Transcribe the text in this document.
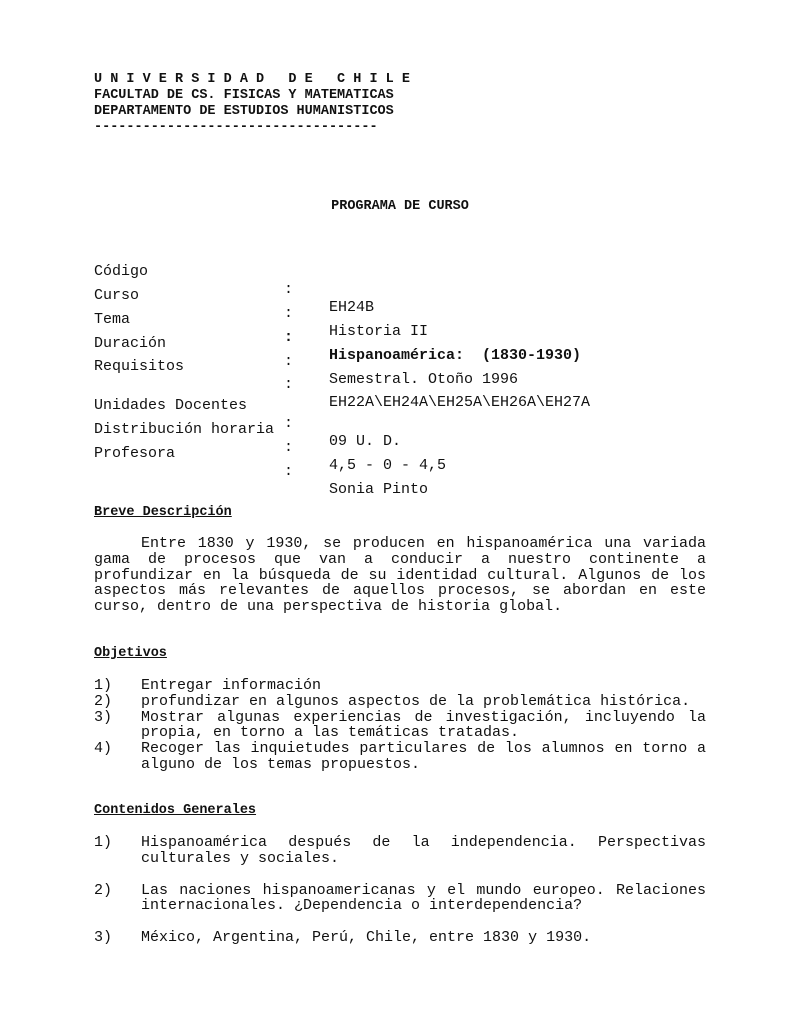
U N I V E R S I D A D   D E   C H I L E
FACULTAD DE CS. FISICAS Y MATEMATICAS
DEPARTAMENTO DE ESTUDIOS HUMANISTICOS
-----------------------------------
PROGRAMA DE CURSO

Código

:

EH24B

Curso

:

Historia II

Tema

:

Hispanoamérica:  (1830-1930)

Duración

:

Semestral. Otoño 1996

Requisitos

:

EH22A\EH24A\EH25A\EH26A\EH27A

Unidades Docentes

:

09 U. D.

Distribución horaria

:

4,5 - 0 - 4,5

Profesora

:

Sonia Pinto

Breve Descripción
Entre 1830 y 1930, se producen en hispanoamérica una variada gama de procesos que van a conducir a nuestro continente a profundizar en la búsqueda de su identidad cultural. Algunos de los aspectos más relevantes de aquellos procesos, se abordan en este curso, dentro de una perspectiva de historia global.
Objetivos
1) Entregar información
2) profundizar en algunos aspectos de la problemática histórica.
3) Mostrar algunas experiencias de investigación, incluyendo la propia, en torno a las temáticas tratadas.
4) Recoger las inquietudes particulares de los alumnos en torno a alguno de los temas propuestos.
Contenidos Generales
1) Hispanoamérica después de la independencia. Perspectivas culturales y sociales.
2) Las naciones hispanoamericanas y el mundo europeo. Relaciones internacionales. ¿Dependencia o interdependencia?
3) México, Argentina, Perú, Chile, entre 1830 y 1930.
